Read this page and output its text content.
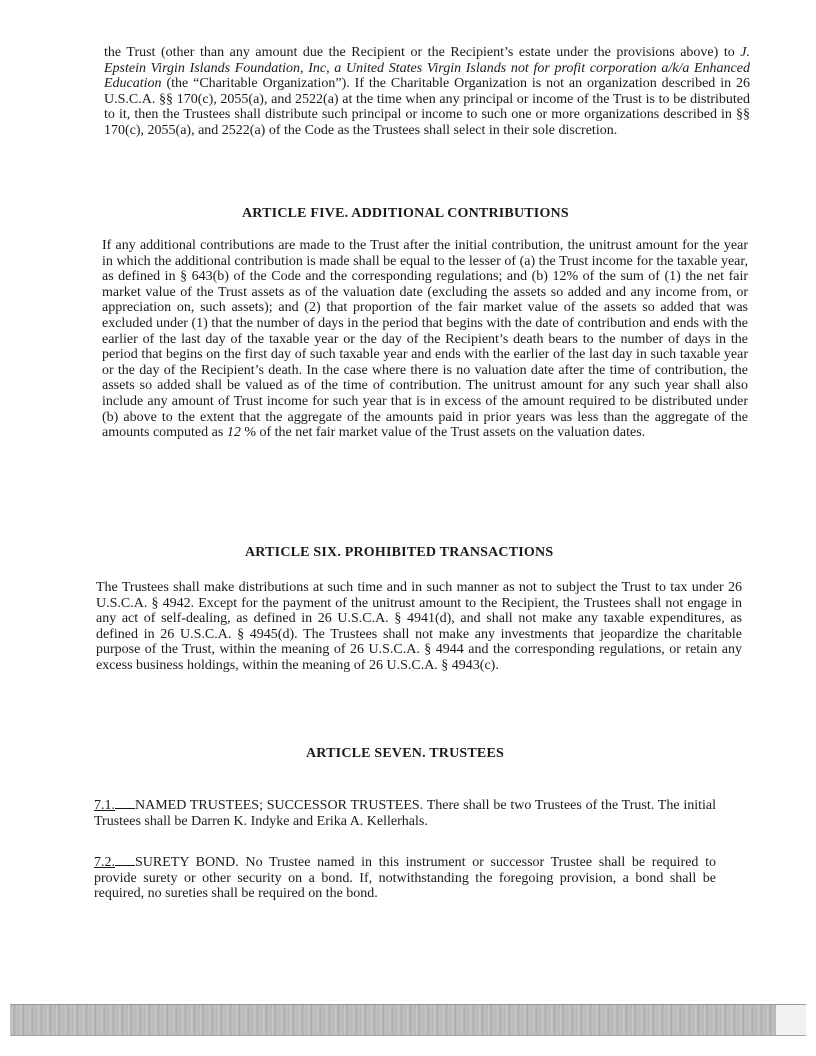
the Trust (other than any amount due the Recipient or the Recipient’s estate under the provisions above) to J. Epstein Virgin Islands Foundation, Inc, a United States Virgin Islands not for profit corporation a/k/a Enhanced Education (the “Charitable Organization”). If the Charitable Organization is not an organization described in 26 U.S.C.A. §§ 170(c), 2055(a), and 2522(a) at the time when any principal or income of the Trust is to be distributed to it, then the Trustees shall distribute such principal or income to such one or more organizations described in §§ 170(c), 2055(a), and 2522(a) of the Code as the Trustees shall select in their sole discretion.

ARTICLE FIVE. ADDITIONAL CONTRIBUTIONS

If any additional contributions are made to the Trust after the initial contribution, the unitrust amount for the year in which the additional contribution is made shall be equal to the lesser of (a) the Trust income for the taxable year, as defined in § 643(b) of the Code and the corresponding regulations; and (b) 12% of the sum of (1) the net fair market value of the Trust assets as of the valuation date (excluding the assets so added and any income from, or appreciation on, such assets); and (2) that proportion of the fair market value of the assets so added that was excluded under (1) that the number of days in the period that begins with the date of contribution and ends with the earlier of the last day of the taxable year or the day of the Recipient’s death bears to the number of days in the period that begins on the first day of such taxable year and ends with the earlier of the last day in such taxable year or the day of the Recipient’s death. In the case where there is no valuation date after the time of contribution, the assets so added shall be valued as of the time of contribution. The unitrust amount for any such year shall also include any amount of Trust income for such year that is in excess of the amount required to be distributed under (b) above to the extent that the aggregate of the amounts paid in prior years was less than the aggregate of the amounts computed as 12 % of the net fair market value of the Trust assets on the valuation dates.

ARTICLE SIX. PROHIBITED TRANSACTIONS

The Trustees shall make distributions at such time and in such manner as not to subject the Trust to tax under 26 U.S.C.A. § 4942. Except for the payment of the unitrust amount to the Recipient, the Trustees shall not engage in any act of self-dealing, as defined in 26 U.S.C.A. § 4941(d), and shall not make any taxable expenditures, as defined in 26 U.S.C.A. § 4945(d). The Trustees shall not make any investments that jeopardize the charitable purpose of the Trust, within the meaning of 26 U.S.C.A. § 4944 and the corresponding regulations, or retain any excess business holdings, within the meaning of 26 U.S.C.A. § 4943(c).

ARTICLE SEVEN. TRUSTEES

7.1. NAMED TRUSTEES; SUCCESSOR TRUSTEES. There shall be two Trustees of the Trust. The initial Trustees shall be Darren K. Indyke and Erika A. Kellerhals.

7.2. SURETY BOND. No Trustee named in this instrument or successor Trustee shall be required to provide surety or other security on a bond. If, notwithstanding the foregoing provision, a bond shall be required, no sureties shall be required on the bond.
